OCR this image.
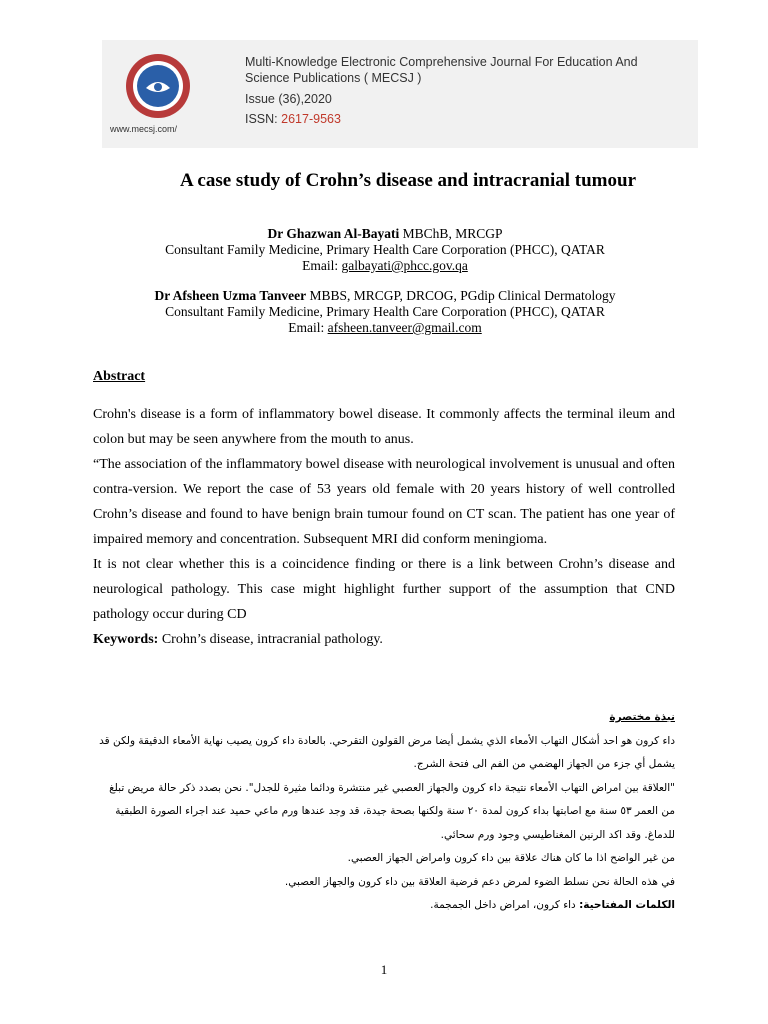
www.mecsj.com/
Multi-Knowledge Electronic Comprehensive Journal For Education And Science Publications ( MECSJ )
Issue (36),2020
ISSN: 2617-9563
A case study of Crohn’s disease and intracranial tumour
Dr Ghazwan Al-Bayati MBChB, MRCGP
Consultant Family Medicine, Primary Health Care Corporation (PHCC), QATAR
Email: galbayati@phcc.gov.qa
Dr Afsheen Uzma Tanveer MBBS, MRCGP, DRCOG, PGdip Clinical Dermatology
Consultant Family Medicine, Primary Health Care Corporation (PHCC), QATAR
Email: afsheen.tanveer@gmail.com
Abstract

Crohn's disease is a form of inflammatory bowel disease. It commonly affects the terminal ileum and colon but may be seen anywhere from the mouth to anus.

“The association of the inflammatory bowel disease with neurological involvement is unusual and often contra-version. We report the case of 53 years old female with 20 years history of well controlled Crohn’s disease and found to have benign brain tumour found on CT scan. The patient has one year of impaired memory and concentration. Subsequent MRI did conform meningioma.

It is not clear whether this is a coincidence finding or there is a link between Crohn’s disease and neurological pathology. This case might highlight further support of the assumption that CND pathology occur during CD

Keywords: Crohn’s disease, intracranial pathology.

نبذة مختصرة

داء كرون هو احد أشكال التهاب الأمعاء الذي يشمل أيضا مرض القولون التقرحي. بالعادة داء كرون يصيب نهاية الأمعاء الدقيقة ولكن قد يشمل أي جزء من الجهاز الهضمي من الفم الى فتحة الشرج.

"العلاقة بين امراض التهاب الأمعاء نتيجة داء كرون والجهاز العصبي غير منتشرة ودائما مثيرة للجدل". نحن بصدد ذكر حالة مريض تبلغ من العمر ٥٣ سنة مع اصابتها بداء كرون لمدة ٢٠ سنة ولكنها بصحة جيدة، قد وجد عندها ورم ماعي حميد عند اجراء الصورة الطبقية للدماغ. وقد اكد الرنين المغناطيسي وجود ورم سحائي.

من غير الواضح اذا ما كان هناك علاقة بين داء كرون وامراض الجهاز العصبي.

في هذه الحالة نحن نسلط الضوء لمرض دعم فرضية العلاقة بين داء كرون والجهاز العصبي.

الكلمات المفتاحية: داء كرون، امراض داخل الجمجمة.

1
